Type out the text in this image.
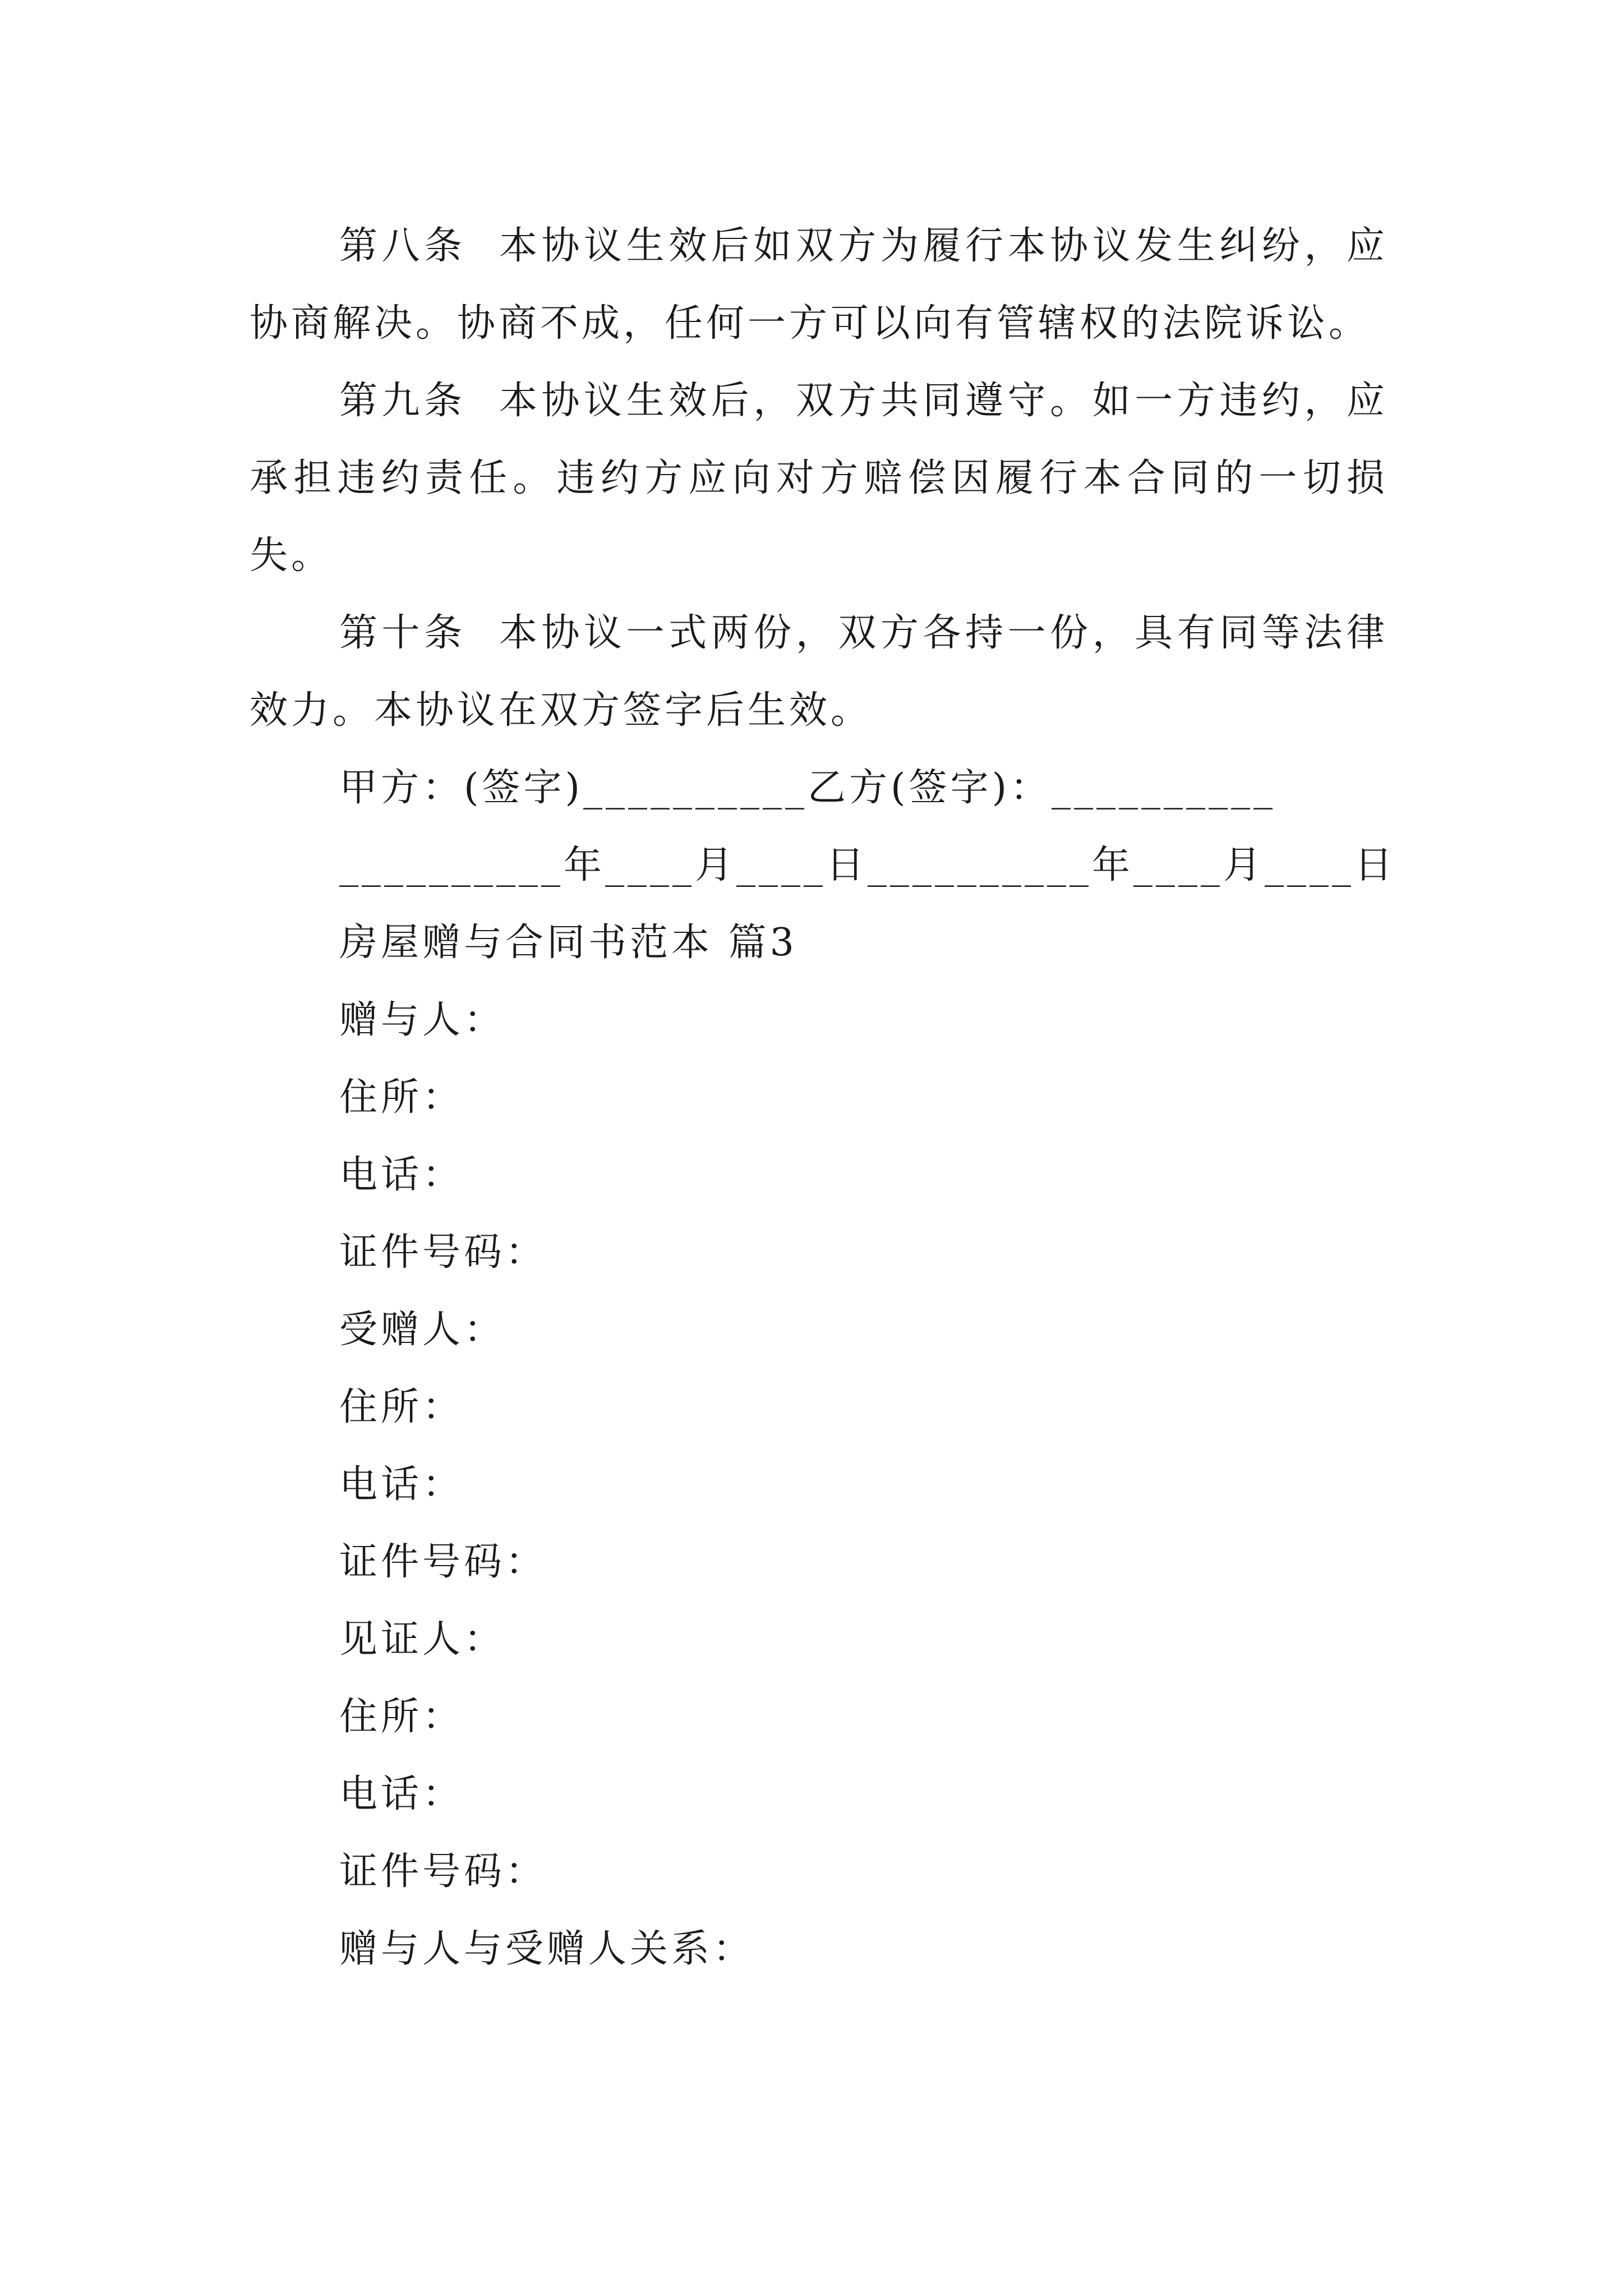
第八条 本协议生效后如双方为履行本协议发生纠纷，应协商解决。协商不成，任何一方可以向有管辖权的法院诉讼。

第九条 本协议生效后，双方共同遵守。如一方违约，应承担违约责任。违约方应向对方赔偿因履行本合同的一切损失。

第十条 本协议一式两份，双方各持一份，具有同等法律效力。本协议在双方签字后生效。

甲方：(签字)__________乙方(签字)：__________

__________年____月____日__________年____月____日

房屋赠与合同书范本 篇3

赠与人：

住所：

电话：

证件号码：

受赠人：

住所：

电话：

证件号码：

见证人：

住所：

电话：

证件号码：

赠与人与受赠人关系：
